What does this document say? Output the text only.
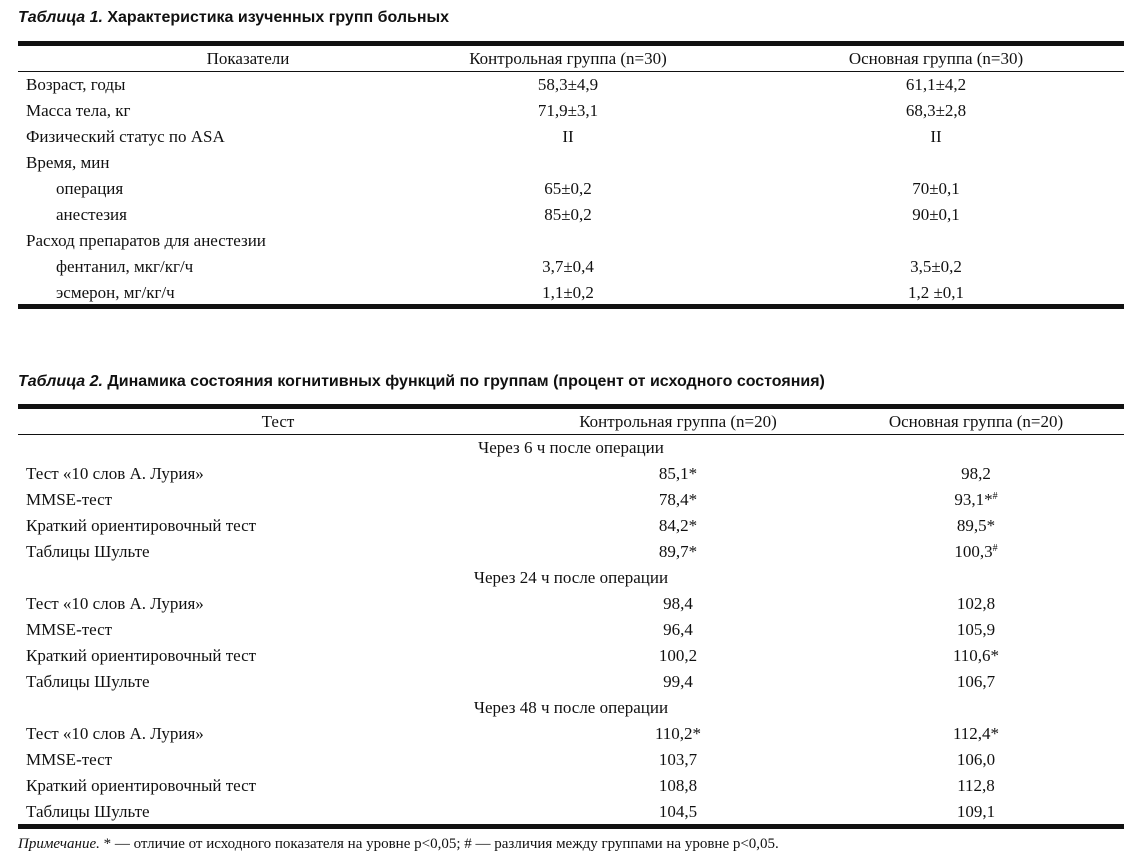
Таблица 1. Характеристика изученных групп больных
Показатели	Контрольная группа (n=30)	Основная группа (n=30)
Возраст, годы	58,3±4,9	61,1±4,2
Масса тела, кг	71,9±3,1	68,3±2,8
Физический статус по ASA	II	II
Время, мин
операция	65±0,2	70±0,1
анестезия	85±0,2	90±0,1
Расход препаратов для анестезии
фентанил, мкг/кг/ч	3,7±0,4	3,5±0,2
эсмерон, мг/кг/ч	1,1±0,2	1,2 ±0,1
Таблица 2. Динамика состояния когнитивных функций по группам (процент от исходного состояния)
Тест	Контрольная группа (n=20)	Основная группа (n=20)
Через 6 ч после операции
Тест «10 слов А. Лурия»	85,1*	98,2
MMSE-тест	78,4*	93,1*#
Краткий ориентировочный тест	84,2*	89,5*
Таблицы Шульте	89,7*	100,3#
Через 24 ч после операции
Тест «10 слов А. Лурия»	98,4	102,8
MMSE-тест	96,4	105,9
Краткий ориентировочный тест	100,2	110,6*
Таблицы Шульте	99,4	106,7
Через 48 ч после операции
Тест «10 слов А. Лурия»	110,2*	112,4*
MMSE-тест	103,7	106,0
Краткий ориентировочный тест	108,8	112,8
Таблицы Шульте	104,5	109,1
Примечание. * — отличие от исходного показателя на уровне p<0,05; # — различия между группами на уровне p<0,05.
